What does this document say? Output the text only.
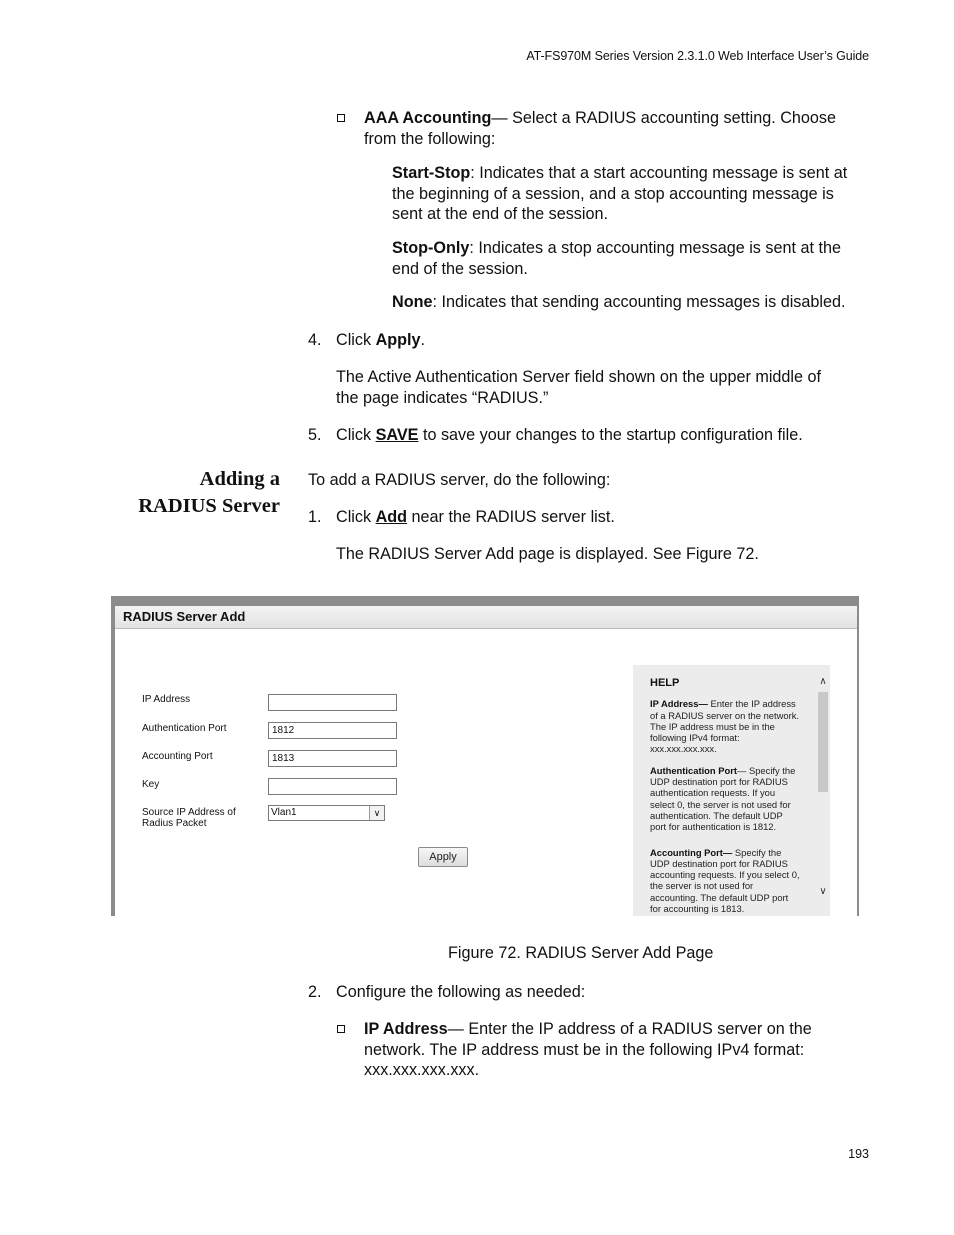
AT-FS970M Series Version 2.3.1.0 Web Interface User’s Guide
AAA Accounting— Select a RADIUS accounting setting. Choose
from the following:
Start-Stop: Indicates that a start accounting message is sent at
the beginning of a session, and a stop accounting message is
sent at the end of the session.
Stop-Only: Indicates a stop accounting message is sent at the
end of the session.
None: Indicates that sending accounting messages is disabled.
4. Click Apply.
The Active Authentication Server field shown on the upper middle of
the page indicates “RADIUS.”
5. Click SAVE to save your changes to the startup configuration file.
Adding a
RADIUS Server
To add a RADIUS server, do the following:
1. Click Add near the RADIUS server list.
The RADIUS Server Add page is displayed. See Figure 72.
RADIUS Server Add
IP Address
Authentication Port	1812
Accounting Port	1813
Key
Source IP Address of
Radius Packet
Vlan1	∨
Apply
HELP
IP Address— Enter the IP address
of a RADIUS server on the network.
The IP address must be in the
following IPv4 format:
xxx.xxx.xxx.xxx.
Authentication Port— Specify the
UDP destination port for RADIUS
authentication requests. If you
select 0, the server is not used for
authentication. The default UDP
port for authentication is 1812.
Accounting Port— Specify the
UDP destination port for RADIUS
accounting requests. If you select 0,
the server is not used for
accounting. The default UDP port
for accounting is 1813.
∧
∨
Figure 72. RADIUS Server Add Page
2. Configure the following as needed:
IP Address— Enter the IP address of a RADIUS server on the
network. The IP address must be in the following IPv4 format:
xxx.xxx.xxx.xxx.
193
